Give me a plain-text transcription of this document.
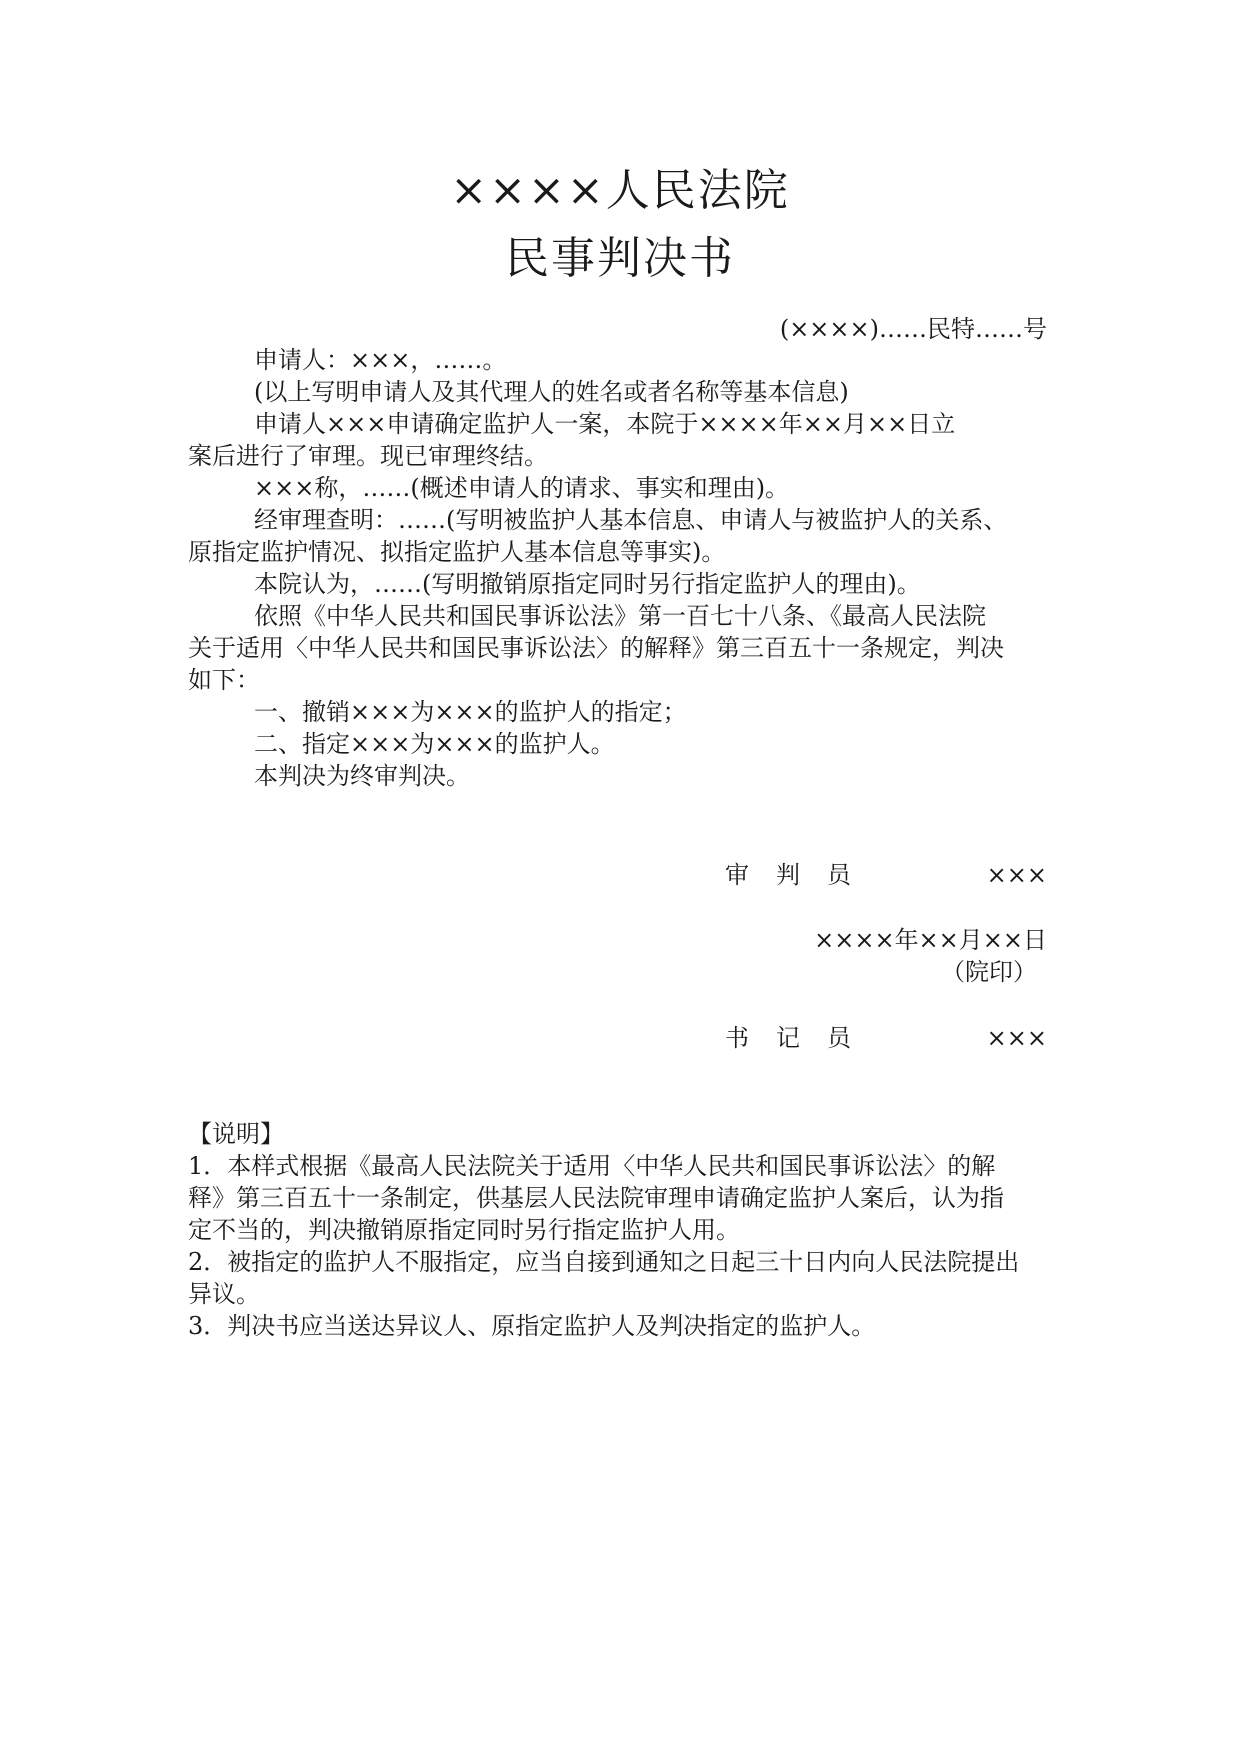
××××人民法院
民事判决书
(××××)……民特……号
申请人：×××，……。
(以上写明申请人及其代理人的姓名或者名称等基本信息)
申请人×××申请确定监护人一案，本院于××××年××月××日立
案后进行了审理。现已审理终结。
×××称，……(概述申请人的请求、事实和理由)。
经审理查明：……(写明被监护人基本信息、申请人与被监护人的关系、
原指定监护情况、拟指定监护人基本信息等事实)。
本院认为，……(写明撤销原指定同时另行指定监护人的理由)。
依照《中华人民共和国民事诉讼法》第一百七十八条、《最高人民法院
关于适用〈中华人民共和国民事诉讼法〉的解释》第三百五十一条规定，判决
如下：
一、撤销×××为×××的监护人的指定；
二、指定×××为×××的监护人。
本判决为终审判决。
审判员	×××
××××年××月××日
（院印）
书记员	×××
【说明】
1．本样式根据《最高人民法院关于适用〈中华人民共和国民事诉讼法〉的解
释》第三百五十一条制定，供基层人民法院审理申请确定监护人案后，认为指
定不当的，判决撤销原指定同时另行指定监护人用。
2．被指定的监护人不服指定，应当自接到通知之日起三十日内向人民法院提出
异议。
3．判决书应当送达异议人、原指定监护人及判决指定的监护人。
